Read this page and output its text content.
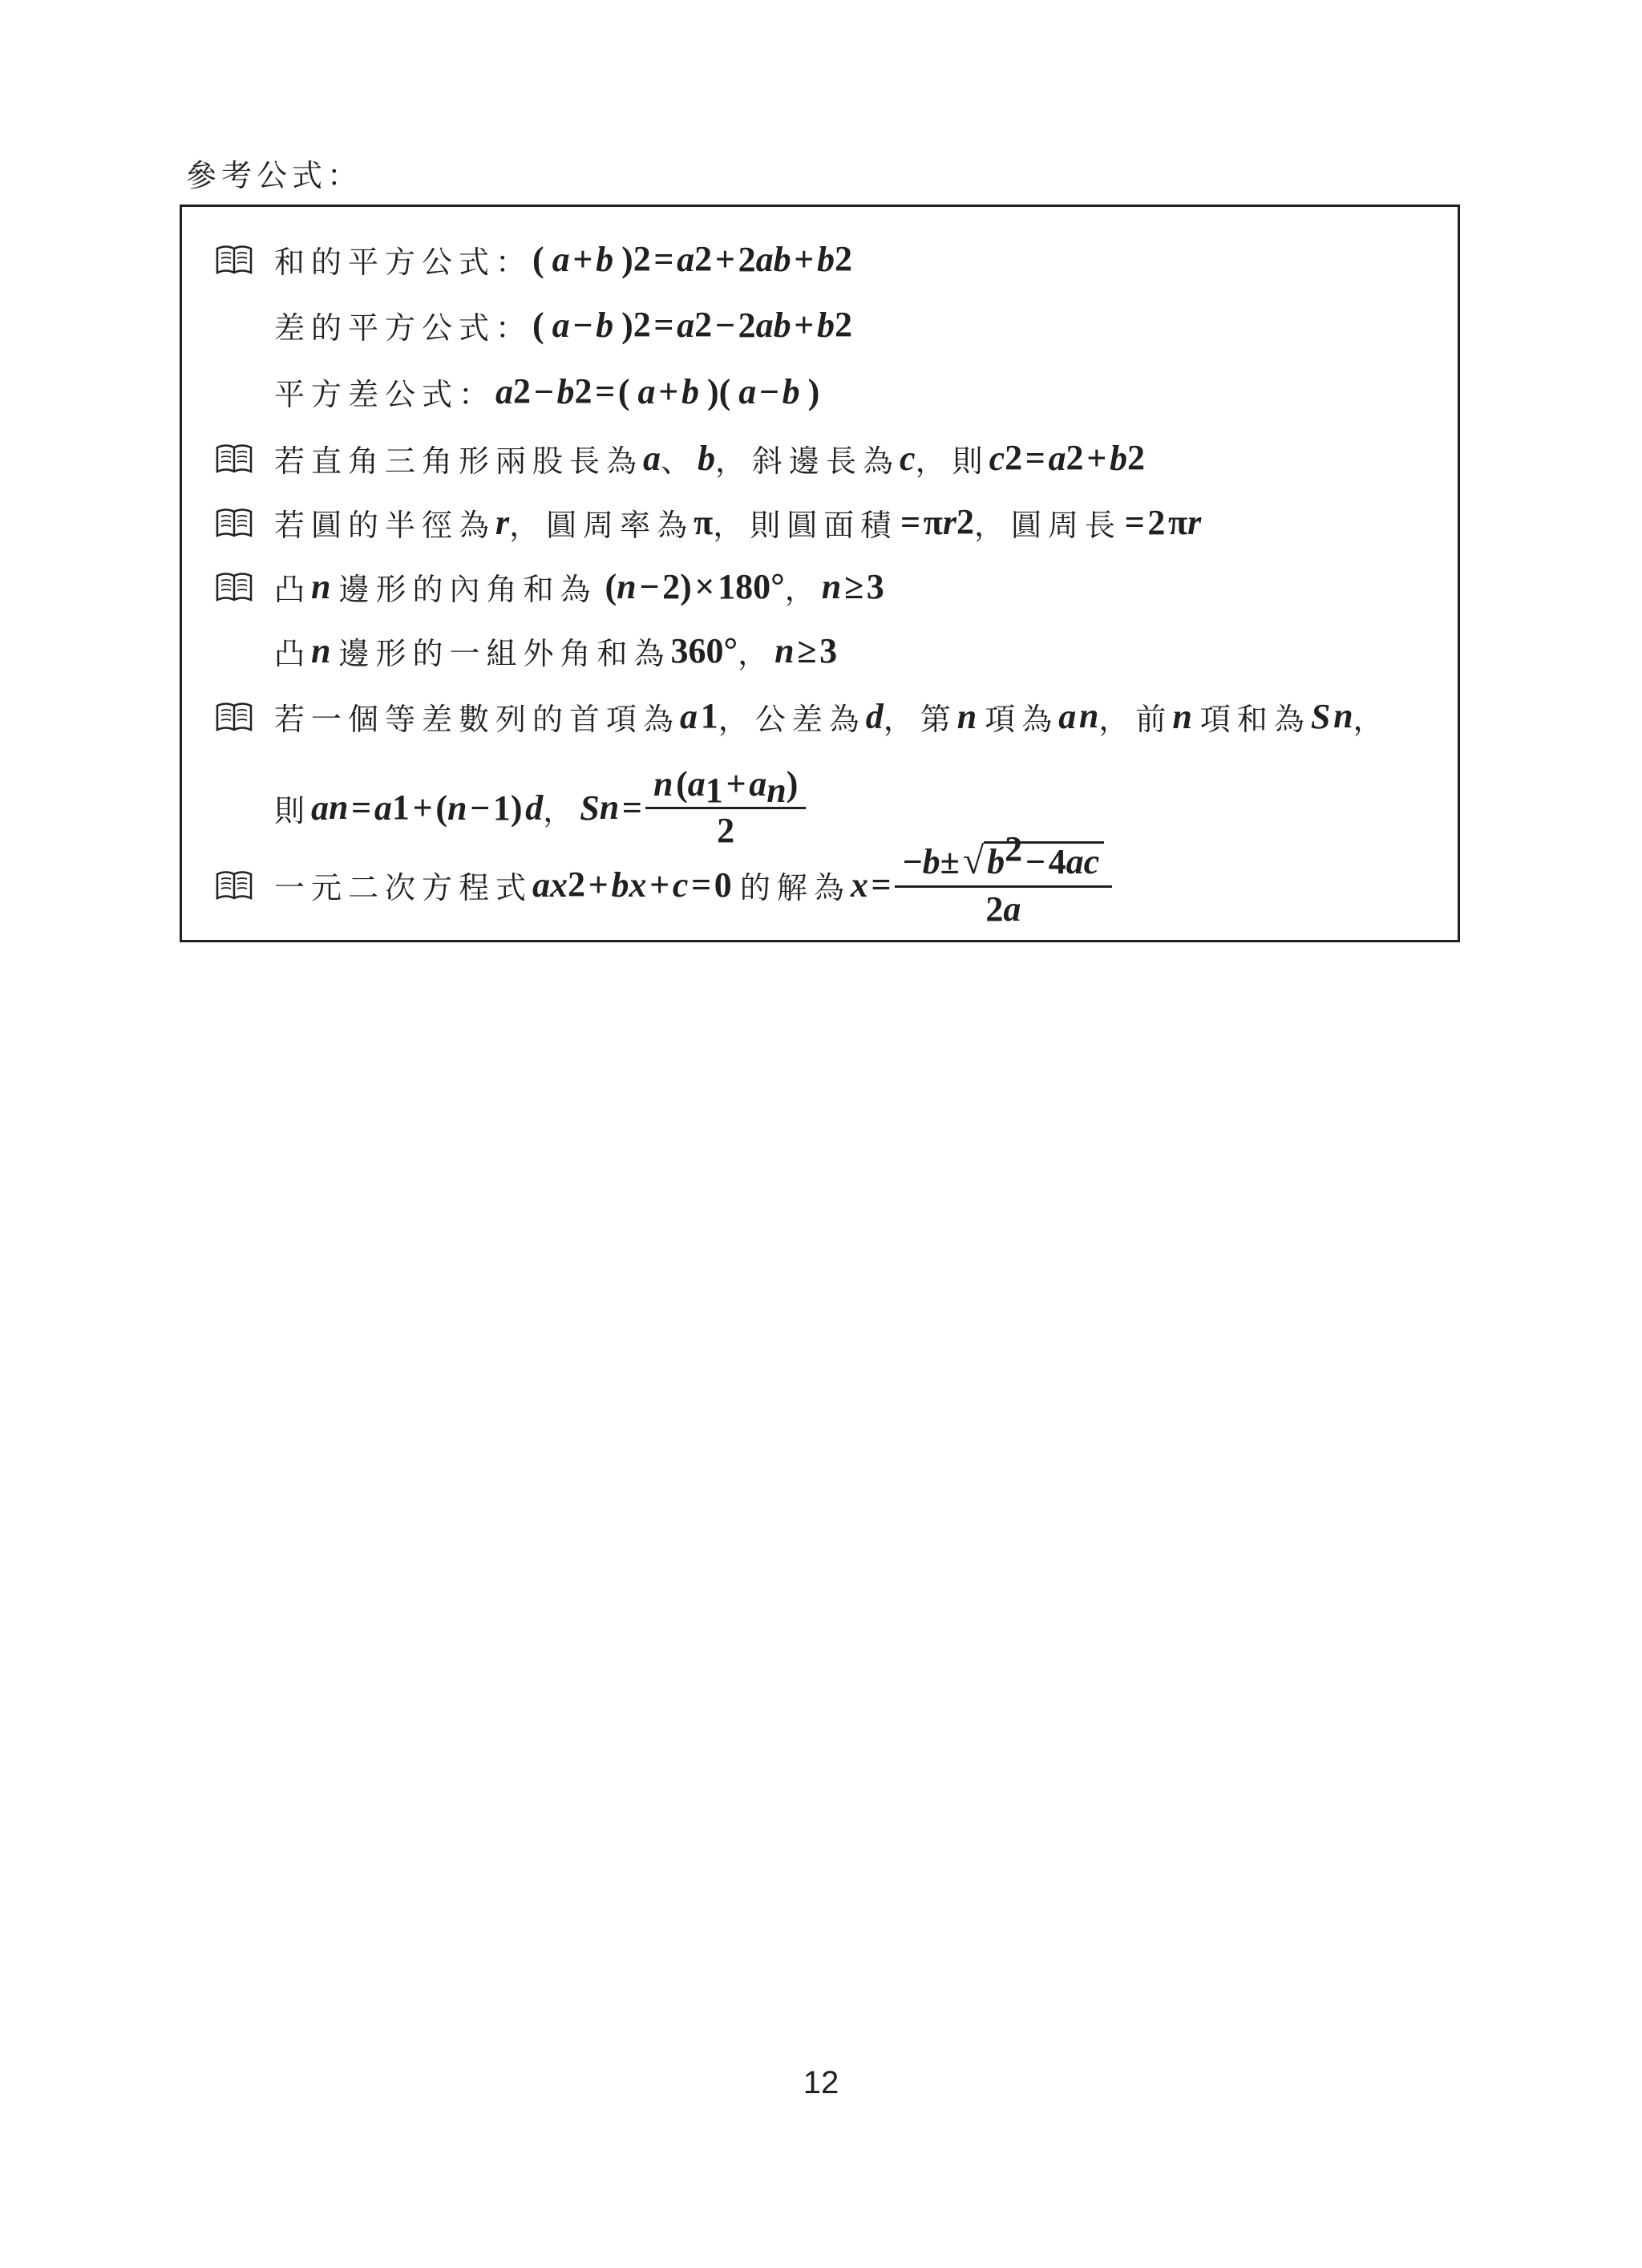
參考公式：
和的平方公式： ( a  +  b ) 2  =  a 2  + 2 ab  +  b 2
差的平方公式： ( a  −  b ) 2  =  a 2  − 2 ab  +  b 2
平方差公式： a 2  −  b 2  = ( a  +  b )( a  −  b )
若直角三角形兩股長為 a 、 b ，斜邊長為 c ，則 c 2  =  a 2  +  b 2
若圓的半徑為 r ，圓周率為 π ，則圓面積  = π r 2 ，圓周長  = 2 π r
凸 n 邊形的內角和為 ( n  − 2) × 180 ° ， n  ≥ 3
凸 n 邊形的一組外角和為 360 ° ， n  ≥ 3
若一個等差數列的首項為 a  1 ，公差為 d ，第 n 項為 a  n ，前 n 項和為 S  n ，
則 a n  =  a 1  + ( n  − 1)  d ， S n  = $\frac{n (a_1 + a_n)}{2}$
一元二次方程式 ax 2  +  bx  +  c  = 0 的解為 x  = $\frac{-b\pm√b^2 - 4ac}{2a}$
12
